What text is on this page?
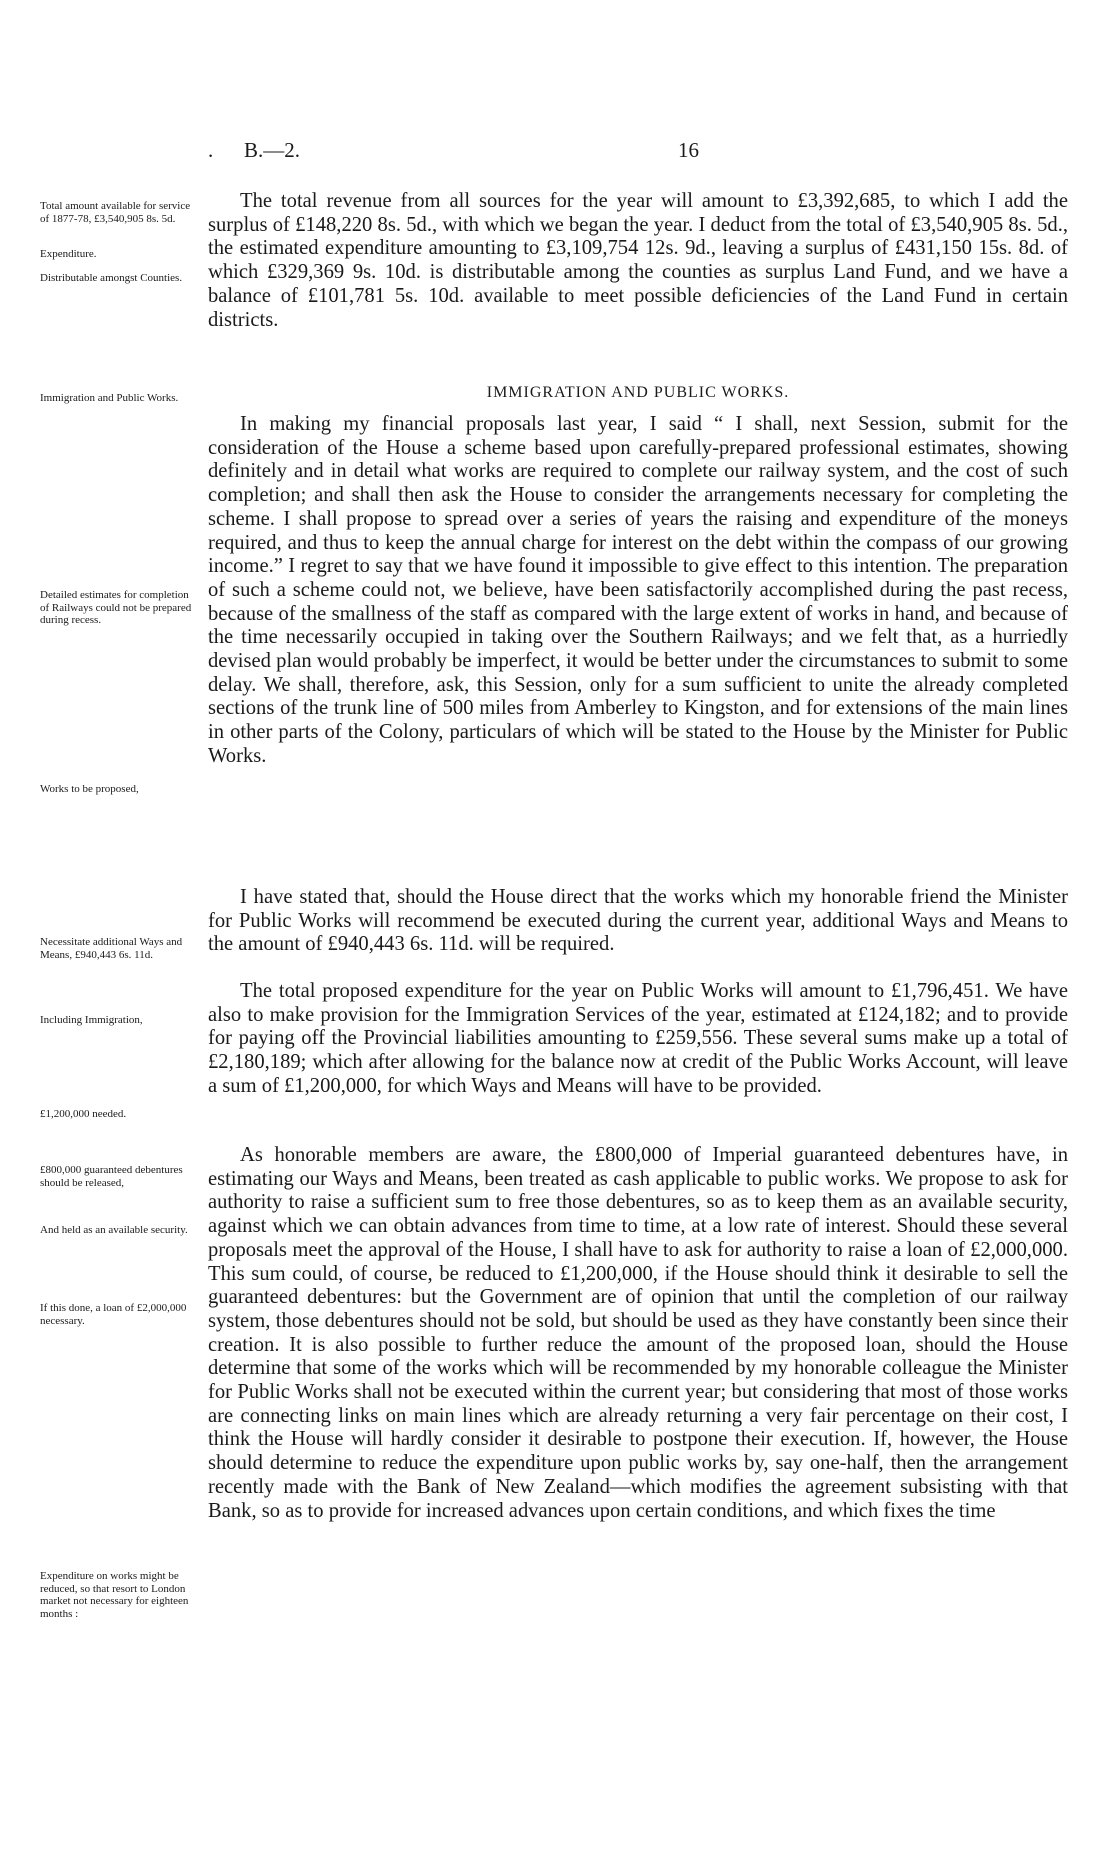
. B.—2.	16

Total amount available for service of 1877-78, £3,540,905 8s. 5d.

Expenditure.

Distributable amongst Counties.

Immigration and Public Works.

Detailed estimates for completion of Railways could not be prepared during recess.

Works to be proposed,

Necessitate additional Ways and Means, £940,443 6s. 11d.

Including Immigration,

£1,200,000 needed.

£800,000 guaranteed debentures should be released,

And held as an available security.

If this done, a loan of £2,000,000 necessary.

Expenditure on works might be reduced, so that resort to London market not necessary for eighteen months :

The total revenue from all sources for the year will amount to £3,392,685, to which I add the surplus of £148,220 8s. 5d., with which we began the year. I deduct from the total of £3,540,905 8s. 5d., the estimated expenditure amounting to £3,109,754 12s. 9d., leaving a surplus of £431,150 15s. 8d. of which £329,369 9s. 10d. is distributable among the counties as surplus Land Fund, and we have a balance of £101,781 5s. 10d. available to meet possible deficiencies of the Land Fund in certain districts.

IMMIGRATION AND PUBLIC WORKS.

In making my financial proposals last year, I said “ I shall, next Session, submit for the consideration of the House a scheme based upon carefully-prepared professional estimates, showing definitely and in detail what works are required to complete our railway system, and the cost of such completion; and shall then ask the House to consider the arrangements necessary for completing the scheme. I shall propose to spread over a series of years the raising and expenditure of the moneys required, and thus to keep the annual charge for interest on the debt within the compass of our growing income.” I regret to say that we have found it impossible to give effect to this intention. The preparation of such a scheme could not, we believe, have been satisfactorily accomplished during the past recess, because of the smallness of the staff as compared with the large extent of works in hand, and because of the time necessarily occupied in taking over the Southern Railways; and we felt that, as a hurriedly devised plan would probably be imperfect, it would be better under the circumstances to submit to some delay. We shall, therefore, ask, this Session, only for a sum sufficient to unite the already completed sections of the trunk line of 500 miles from Amberley to Kingston, and for extensions of the main lines in other parts of the Colony, particulars of which will be stated to the House by the Minister for Public Works.

I have stated that, should the House direct that the works which my honorable friend the Minister for Public Works will recommend be executed during the current year, additional Ways and Means to the amount of £940,443 6s. 11d. will be required.

The total proposed expenditure for the year on Public Works will amount to £1,796,451. We have also to make provision for the Immigration Services of the year, estimated at £124,182; and to provide for paying off the Provincial liabilities amounting to £259,556. These several sums make up a total of £2,180,189; which after allowing for the balance now at credit of the Public Works Account, will leave a sum of £1,200,000, for which Ways and Means will have to be provided.

As honorable members are aware, the £800,000 of Imperial guaranteed debentures have, in estimating our Ways and Means, been treated as cash applicable to public works. We propose to ask for authority to raise a sufficient sum to free those debentures, so as to keep them as an available security, against which we can obtain advances from time to time, at a low rate of interest. Should these several proposals meet the approval of the House, I shall have to ask for authority to raise a loan of £2,000,000. This sum could, of course, be reduced to £1,200,000, if the House should think it desirable to sell the guaranteed debentures: but the Government are of opinion that until the completion of our railway system, those debentures should not be sold, but should be used as they have constantly been since their creation. It is also possible to further reduce the amount of the proposed loan, should the House determine that some of the works which will be recommended by my honorable colleague the Minister for Public Works shall not be executed within the current year; but considering that most of those works are connecting links on main lines which are already returning a very fair percentage on their cost, I think the House will hardly consider it desirable to postpone their execution. If, however, the House should determine to reduce the expenditure upon public works by, say one-half, then the arrangement recently made with the Bank of New Zealand—which modifies the agreement subsisting with that Bank, so as to provide for increased advances upon certain conditions, and which fixes the time
